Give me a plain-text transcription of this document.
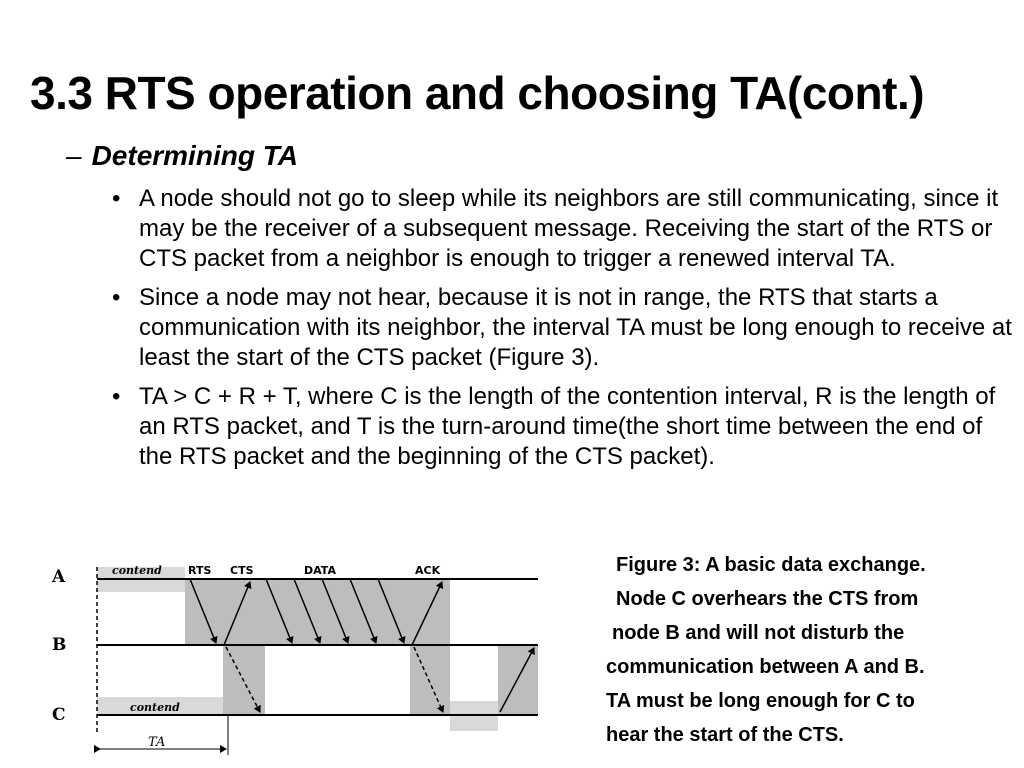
3.3 RTS operation and choosing TA(cont.)
– Determining TA
• A node should not go to sleep while its neighbors are still communicating, since it may be the receiver of a subsequent message. Receiving the start of the RTS or CTS packet from a neighbor is enough to trigger a renewed interval TA.
• Since a node may not hear, because it is not in range, the RTS that starts a communication with its neighbor, the interval TA must be long enough to receive at least the start of the CTS packet (Figure 3).
• TA > C + R + T, where C is the length of the contention interval, R is the length of an RTS packet, and T is the turn-around time(the short time between the end of the RTS packet and the beginning of the CTS packet).
A
B
C
contend RTS CTS	DATA	ACK
contend
TA
Figure 3: A basic data exchange.
Node C overhears the CTS from
node B and will not disturb the
communication between A and B.
TA must be long enough for C to
hear the start of the CTS.
